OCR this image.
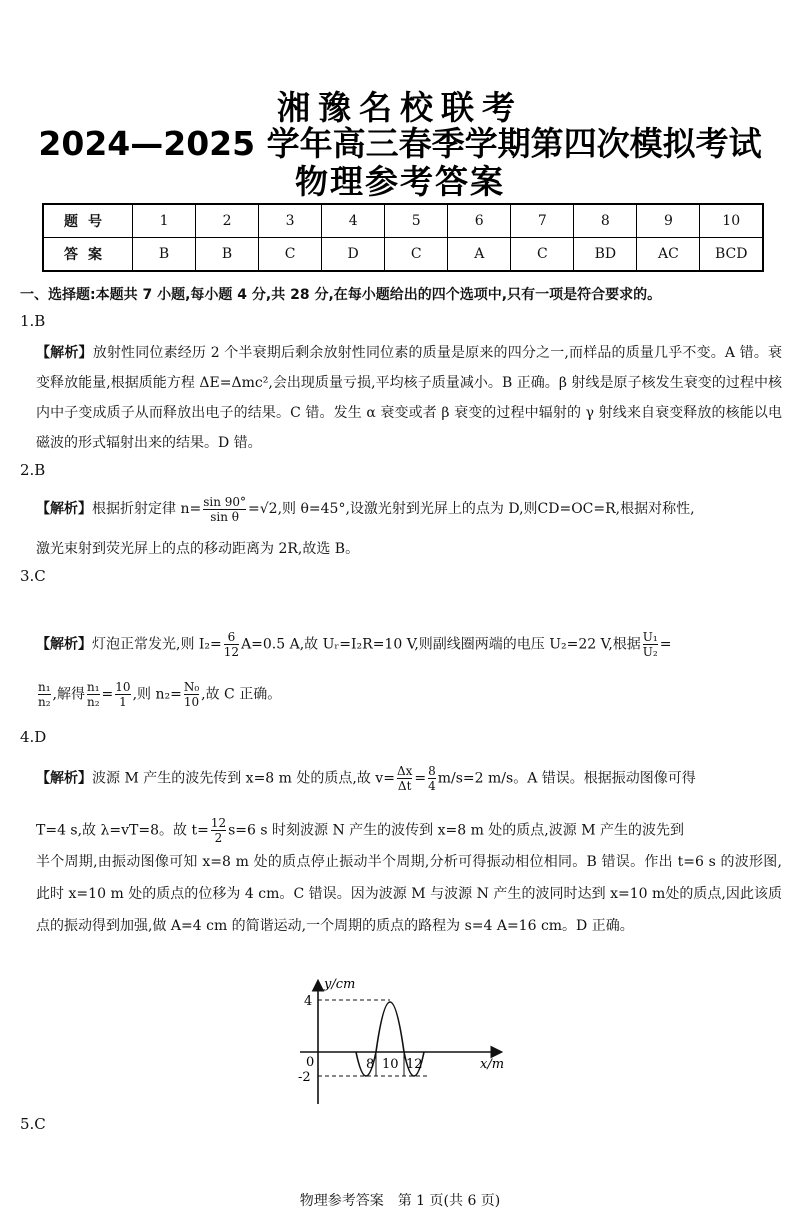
湘豫名校联考
2024—2025 学年高三春季学期第四次模拟考试
物理参考答案
题号	1	2	3	4	5	6	7	8	9	10
答案	B	B	C	D	C	A	C	BD	AC	BCD
一、选择题:本题共 7 小题,每小题 4 分,共 28 分,在每小题给出的四个选项中,只有一项是符合要求的。
1.B
【解析】放射性同位素经历 2 个半衰期后剩余放射性同位素的质量是原来的四分之一,而样品的质量几乎不变。A 错。衰变释放能量,根据质能方程 ΔE=Δmc²,会出现质量亏损,平均核子质量减小。B 正确。β 射线是原子核发生衰变的过程中核内中子变成质子从而释放出电子的结果。C 错。发生 α 衰变或者 β 衰变的过程中辐射的 γ 射线来自衰变释放的核能以电磁波的形式辐射出来的结果。D 错。
2.B
【解析】根据折射定律 $n= \frac{\sin 90^\circ}{\text{sin θ}} =√2$,则 θ=45°,设激光射到光屏上的点为 D,则CD=OC=R,根据对称性,
激光束射到荧光屏上的点的移动距离为 2R,故选 B。
3.C
【解析】灯泡正常发光,则 $I_2= \frac{6}{12} A=0.5$ A,故 Uᵣ=I₂R=10 V,则副线圈两端的电压 U₂=22 V,根据 $\frac{\text{U₁}}{\text{U₂}}$ =
$\frac{\text{n₁}}{\text{n₂}}$ ,解得 $\frac{\text{n₁}}{\text{n₂}} = \frac{10}{1}$ ,则 $n_2= \frac{\text{N₀}}{10}$ ,故 C 正确。
4.D
【解析】波源 M 产生的波先传到 x=8 m 处的质点,故 $v= \frac{\Delta x}{\Delta t} = \frac{8}{4} m/s=2$ m/s。A 错误。根据振动图像可得
T=4 s,故 λ=vT=8。故 $t= \frac{12}{2} s=6$ s 时刻波源 N 产生的波传到 x=8 m 处的质点,波源 M 产生的波先到
半个周期,由振动图像可知 x=8 m 处的质点停止振动半个周期,分析可得振动相位相同。B 错误。作出 t=6 s 的波形图,此时 x=10 m 处的质点的位移为 4 cm。C 错误。因为波源 M 与波源 N 产生的波同时达到 x=10 m处的质点,因此该质点的振动得到加强,做 A=4 cm 的简谐运动,一个周期的质点的路程为 s=4 A=16 cm。D 正确。
y/cm
x/m
4
-2
0	8 10 12
5.C
物理参考答案　第 1 页(共 6 页)
